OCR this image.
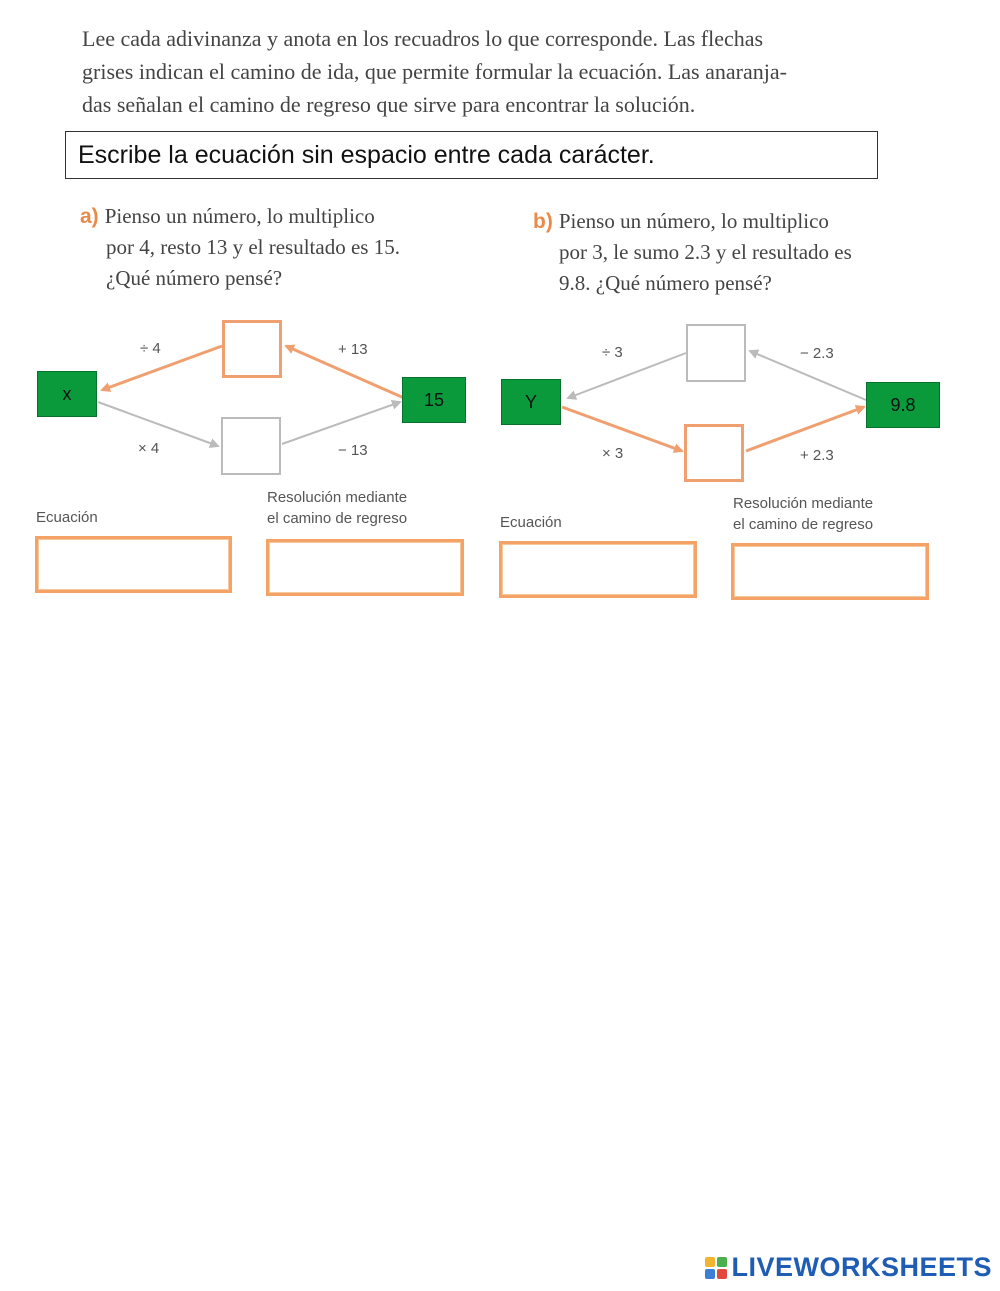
Lee cada adivinanza y anota en los recuadros lo que corresponde. Las flechas
grises indican el camino de ida, que permite formular la ecuación. Las anaranja-
das señalan el camino de regreso que sirve para encontrar la solución.
Escribe la ecuación sin espacio entre cada carácter.
a) Pienso un número, lo multiplico
por 4, resto 13 y el resultado es 15.
¿Qué número pensé?
b) Pienso un número, lo multiplico
por 3, le sumo 2.3 y el resultado es
9.8. ¿Qué número pensé?
x	15
÷ 4	+ 13
× 4	− 13
Y	9.8
÷ 3	− 2.3
× 3	+ 2.3
Ecuación
Resolución mediante
el camino de regreso	Ecuación
Resolución mediante
el camino de regreso
LIVEWORKSHEETS
